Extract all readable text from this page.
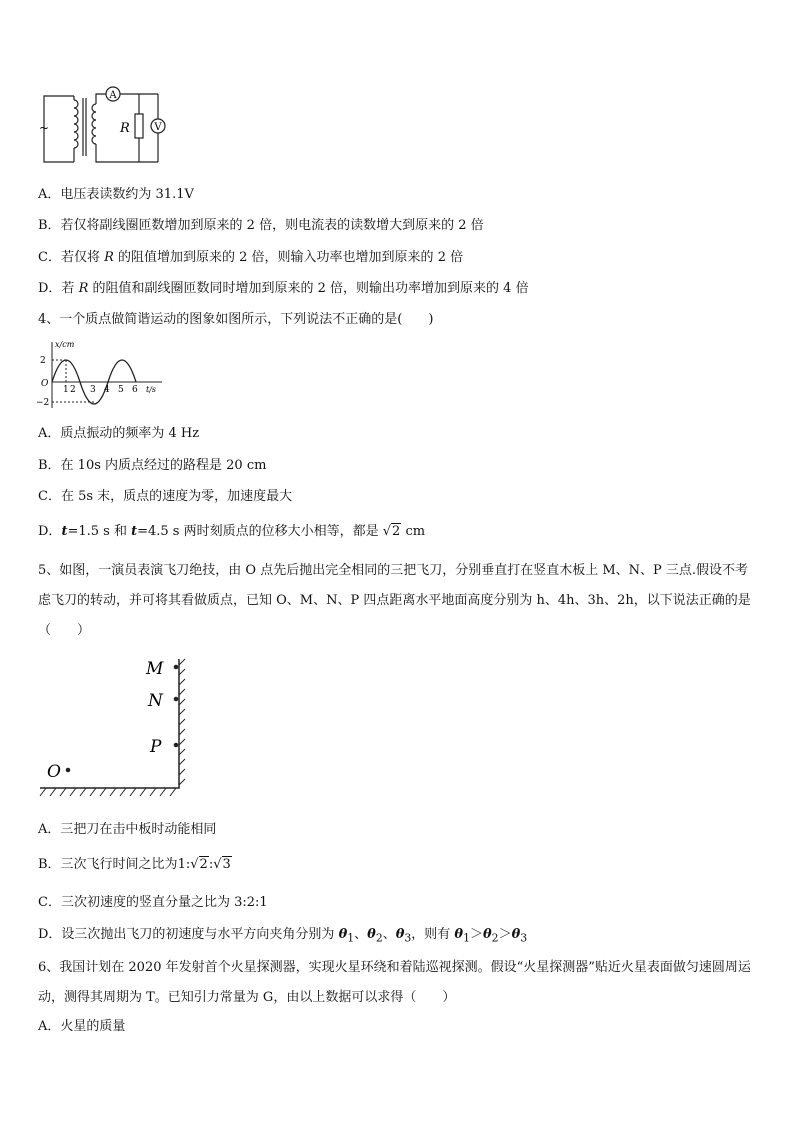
A
V
R
~
A．电压表读数约为 31.1V
B．若仅将副线圈匝数增加到原来的 2 倍，则电流表的读数增大到原来的 2 倍
C．若仅将 R 的阻值增加到原来的 2 倍，则输入功率也增加到原来的 2 倍
D．若 R 的阻值和副线圈匝数同时增加到原来的 2 倍，则输出功率增加到原来的 4 倍
4、一个质点做简谐运动的图象如图所示，下列说法不正确的是(　　)
x/cm
2
O
−2
1 2 3 4 5 6 t/s
A．质点振动的频率为 4 Hz
B．在 10s 内质点经过的路程是 20 cm
C．在 5s 末，质点的速度为零，加速度最大
D．t=1.5 s 和 t=4.5 s 两时刻质点的位移大小相等，都是 √2 cm
5、如图，一演员表演飞刀绝技，由 O 点先后抛出完全相同的三把飞刀，分别垂直打在竖直木板上 M、N、P 三点.假设不考虑飞刀的转动，并可将其看做质点，已知 O、M、N、P 四点距离水平地面高度分别为 h、4h、3h、2h，以下说法正确的是（　　）
M
N
P
O
A．三把刀在击中板时动能相同
B．三次飞行时间之比为1:√2:√3
C．三次初速度的竖直分量之比为 3:2:1
D．设三次抛出飞刀的初速度与水平方向夹角分别为 $\theta_1$、$\theta_2$、$\theta_3$，则有 $\theta_1>\theta_2>\theta_3$
6、我国计划在 2020 年发射首个火星探测器，实现火星环绕和着陆巡视探测。假设“火星探测器”贴近火星表面做匀速圆周运动，测得其周期为 T。已知引力常量为 G，由以上数据可以求得（　　）
A．火星的质量
